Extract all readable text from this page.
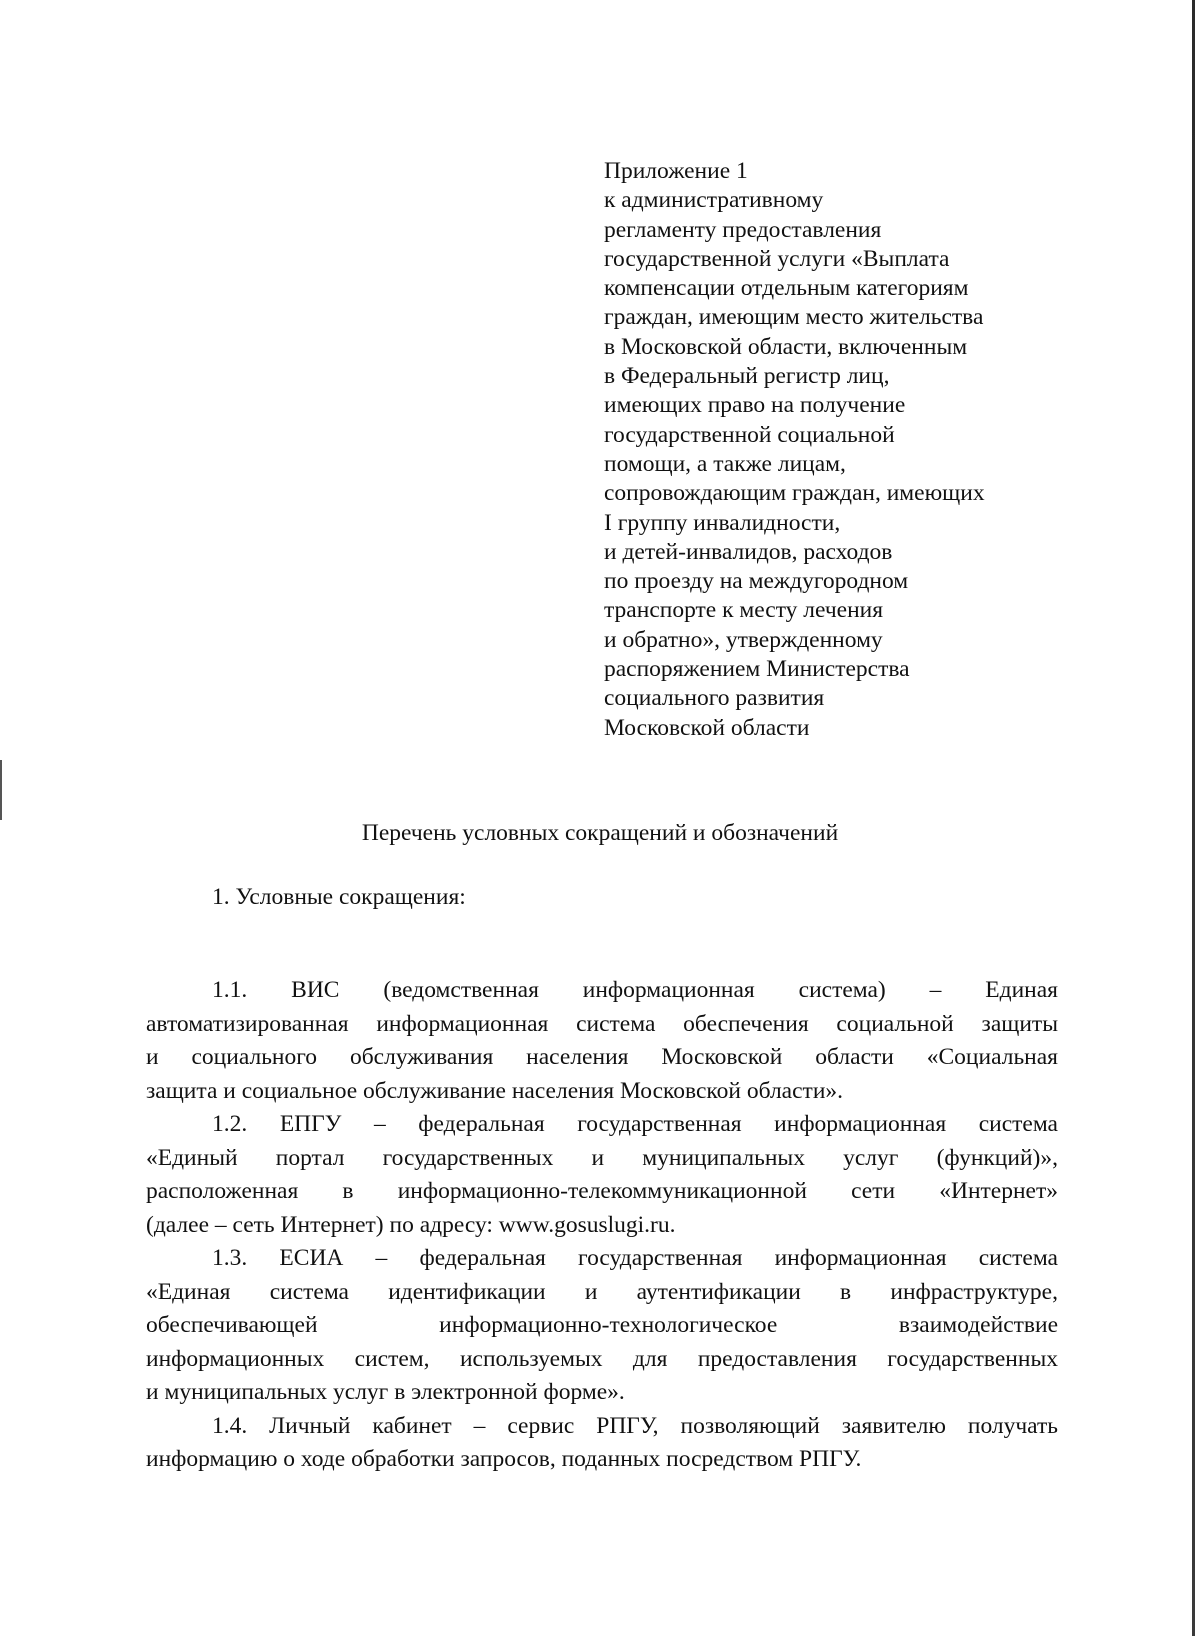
Приложение 1
к административному
регламенту предоставления
государственной услуги «Выплата
компенсации отдельным категориям
граждан, имеющим место жительства
в Московской области, включенным
в Федеральный регистр лиц,
имеющих право на получение
государственной социальной
помощи, а также лицам,
сопровождающим граждан, имеющих
I группу инвалидности,
и детей-инвалидов, расходов
по проезду на междугородном
транспорте к месту лечения
и обратно», утвержденному
распоряжением Министерства
социального развития
Московской области
Перечень условных сокращений и обозначений
1. Условные сокращения:

1.1. ВИС (ведомственная информационная система) – Единая
автоматизированная информационная система обеспечения социальной защиты
и социального обслуживания населения Московской области «Социальная
защита и социальное обслуживание населения Московской области».

1.2. ЕПГУ – федеральная государственная информационная система
«Единый портал государственных и муниципальных услуг (функций)»,
расположенная в информационно-телекоммуникационной сети «Интернет»
(далее – сеть Интернет) по адресу: www.gosuslugi.ru.

1.3. ЕСИА – федеральная государственная информационная система
«Единая система идентификации и аутентификации в инфраструктуре,
обеспечивающей информационно-технологическое взаимодействие
информационных систем, используемых для предоставления государственных
и муниципальных услуг в электронной форме».

1.4. Личный кабинет – сервис РПГУ, позволяющий заявителю получать
информацию о ходе обработки запросов, поданных посредством РПГУ.
